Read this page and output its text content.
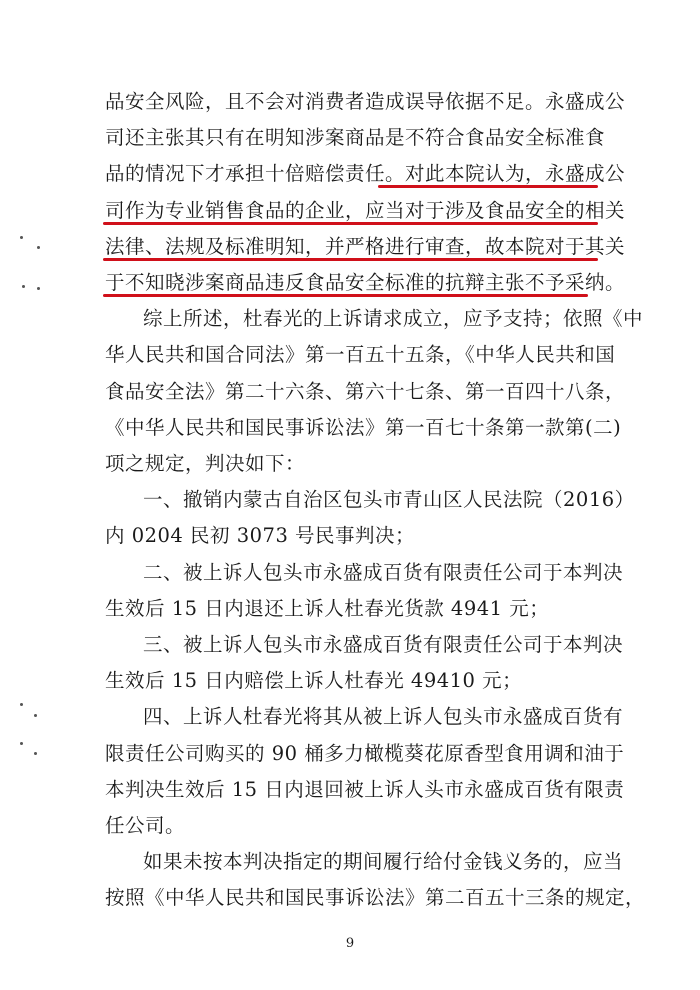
品安全风险，且不会对消费者造成误导依据不足。永盛成公
司还主张其只有在明知涉案商品是不符合食品安全标准食
品的情况下才承担十倍赔偿责任。对此本院认为，永盛成公
司作为专业销售食品的企业，应当对于涉及食品安全的相关
法律、法规及标准明知，并严格进行审查，故本院对于其关
于不知晓涉案商品违反食品安全标准的抗辩主张不予采纳。
综上所述，杜春光的上诉请求成立，应予支持；依照《中
华人民共和国合同法》第一百五十五条，《中华人民共和国
食品安全法》第二十六条、第六十七条、第一百四十八条，
《中华人民共和国民事诉讼法》第一百七十条第一款第(二)
项之规定，判决如下：
一、撤销内蒙古自治区包头市青山区人民法院（2016）
内 0204 民初 3073 号民事判决；
二、被上诉人包头市永盛成百货有限责任公司于本判决
生效后 15 日内退还上诉人杜春光货款 4941 元；
三、被上诉人包头市永盛成百货有限责任公司于本判决
生效后 15 日内赔偿上诉人杜春光 49410 元；
四、上诉人杜春光将其从被上诉人包头市永盛成百货有
限责任公司购买的 90 桶多力橄榄葵花原香型食用调和油于
本判决生效后 15 日内退回被上诉人头市永盛成百货有限责
任公司。
如果未按本判决指定的期间履行给付金钱义务的，应当
按照《中华人民共和国民事诉讼法》第二百五十三条的规定，
9
